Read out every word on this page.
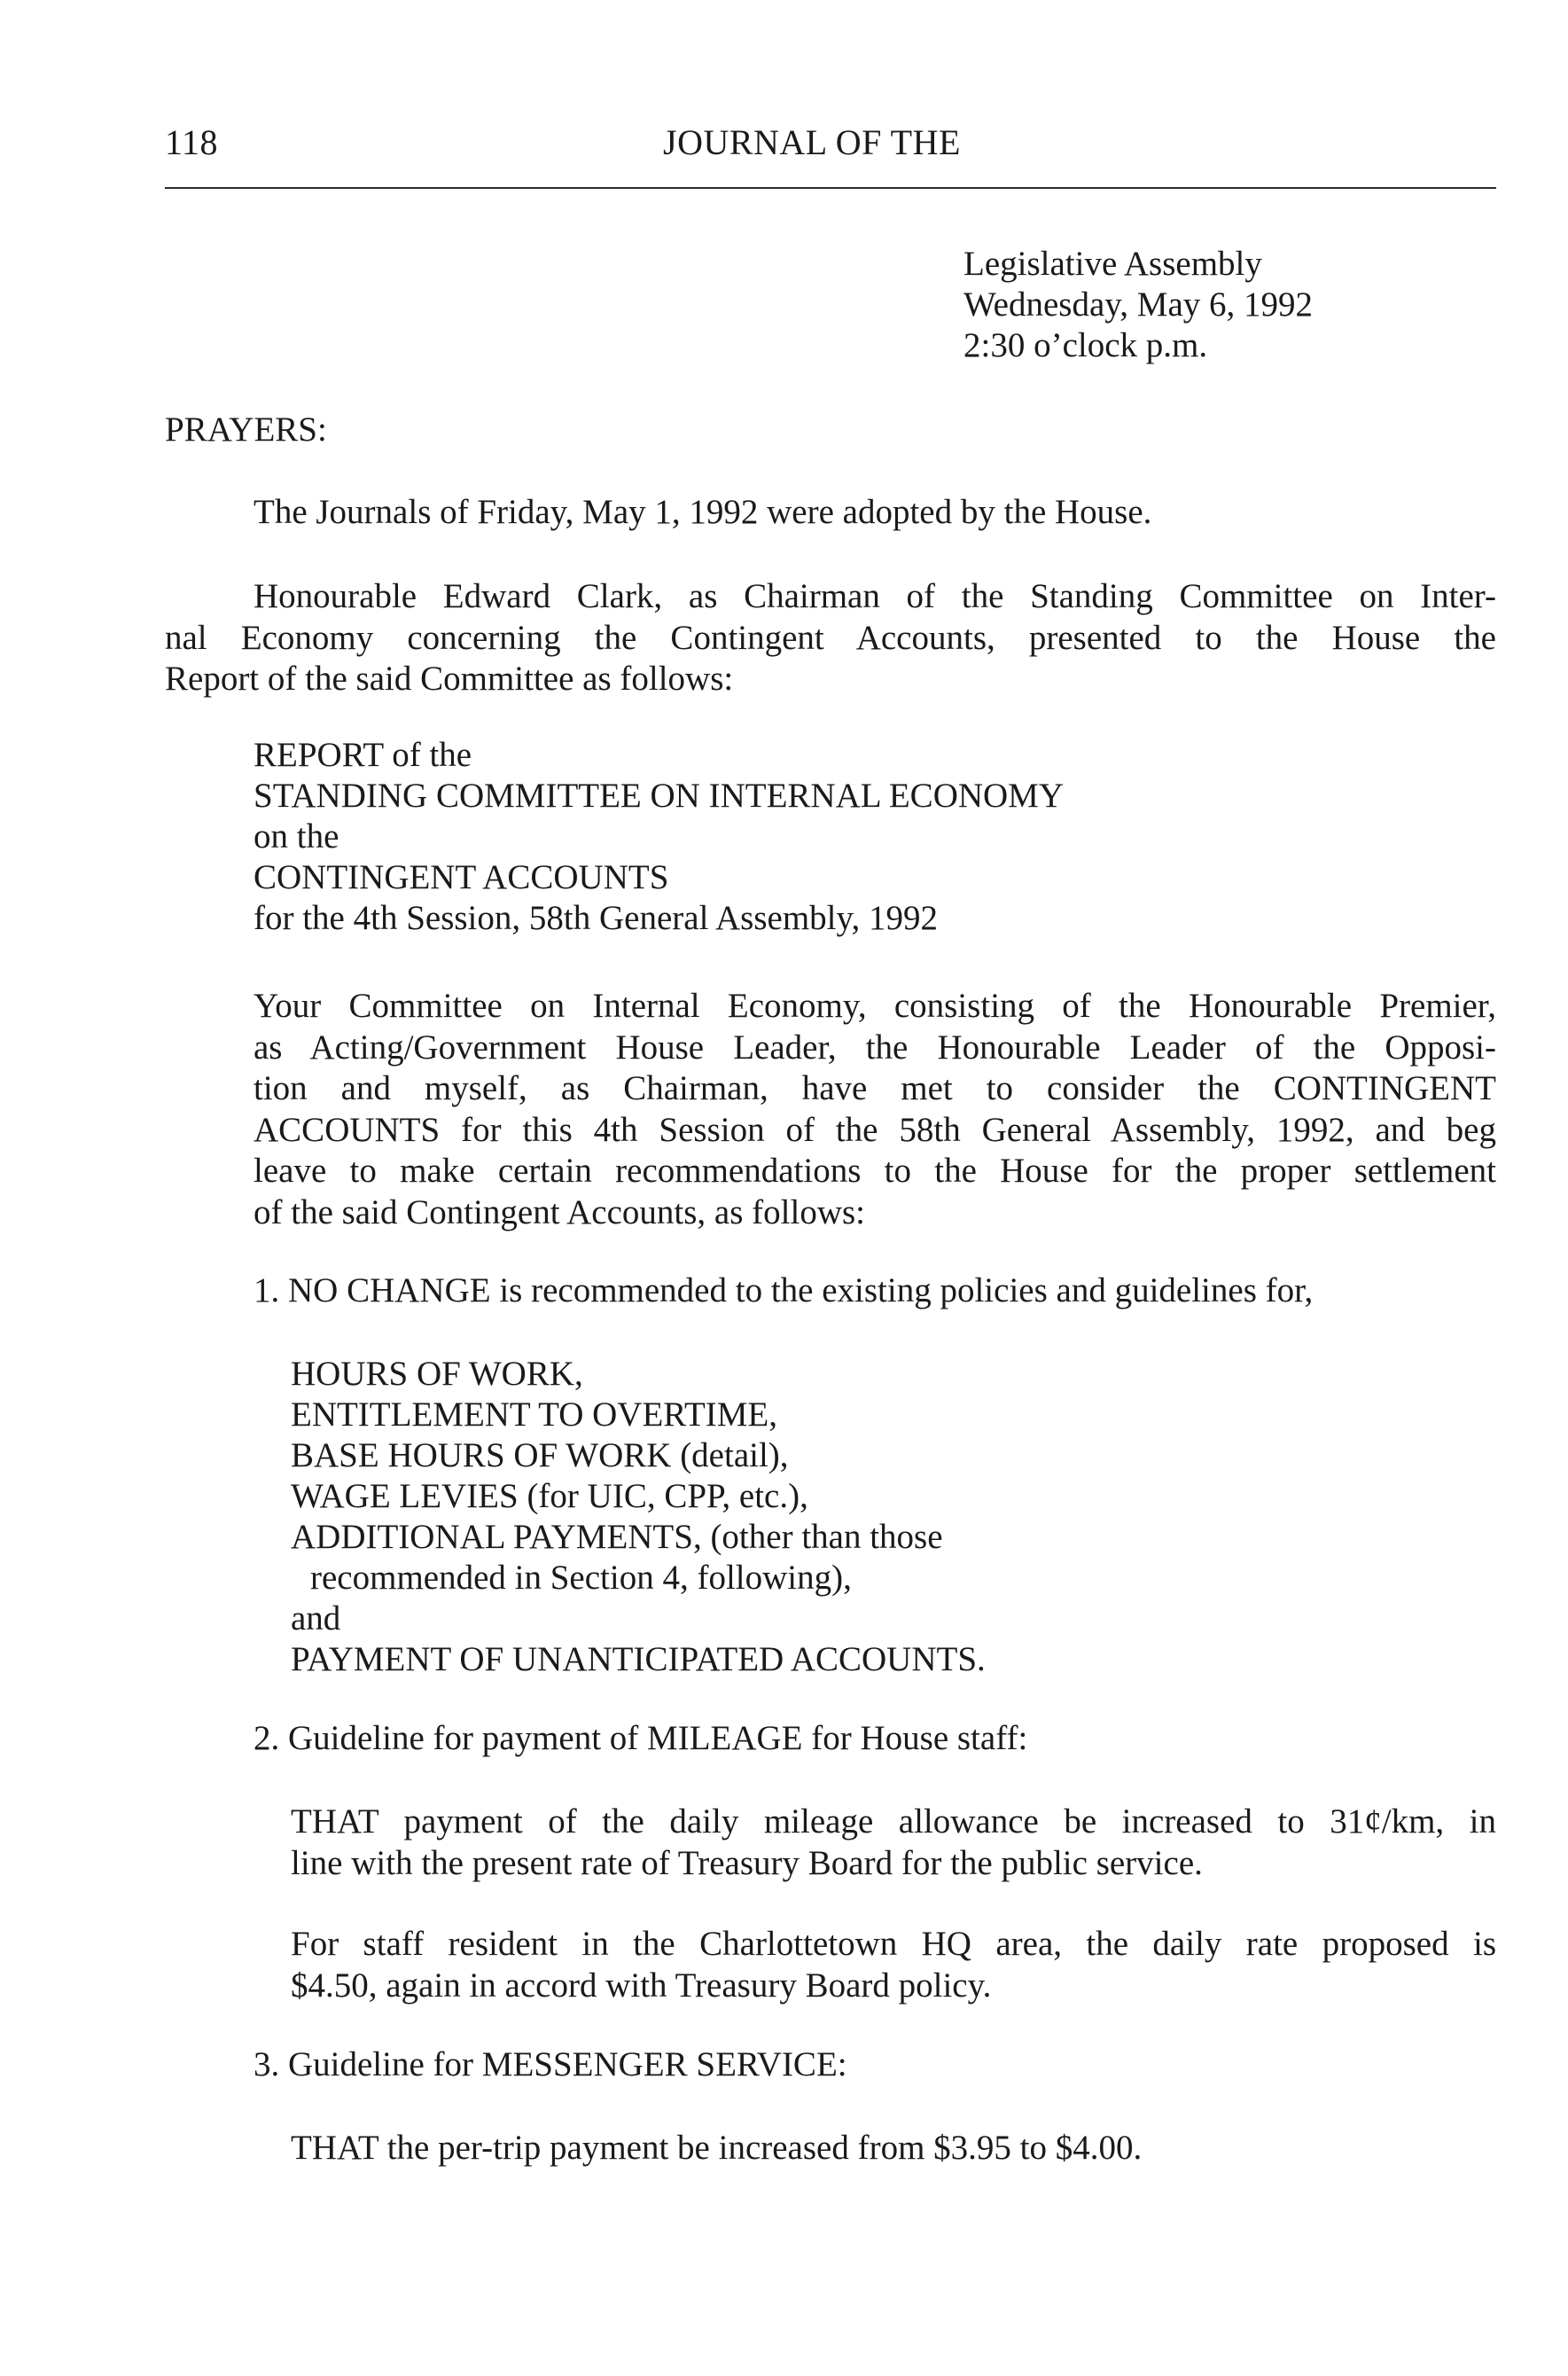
118	JOURNAL OF THE
Legislative Assembly
Wednesday, May 6, 1992
2:30 o’clock p.m.
PRAYERS:
The Journals of Friday, May 1, 1992 were adopted by the House.
Honourable Edward Clark, as Chairman of the Standing Committee on Inter-
nal Economy concerning the Contingent Accounts, presented to the House the
Report of the said Committee as follows:
REPORT of the
STANDING COMMITTEE ON INTERNAL ECONOMY
on the
CONTINGENT ACCOUNTS
for the 4th Session, 58th General Assembly, 1992
Your Committee on Internal Economy, consisting of the Honourable Premier,
as Acting/Government House Leader, the Honourable Leader of the Opposi-
tion and myself, as Chairman, have met to consider the CONTINGENT
ACCOUNTS for this 4th Session of the 58th General Assembly, 1992, and beg
leave to make certain recommendations to the House for the proper settlement
of the said Contingent Accounts, as follows:
1. NO CHANGE is recommended to the existing policies and guidelines for,
HOURS OF WORK,
ENTITLEMENT TO OVERTIME,
BASE HOURS OF WORK (detail),
WAGE LEVIES (for UIC, CPP, etc.),
ADDITIONAL PAYMENTS, (other than those
recommended in Section 4, following),
and
PAYMENT OF UNANTICIPATED ACCOUNTS.
2. Guideline for payment of MILEAGE for House staff:
THAT payment of the daily mileage allowance be increased to 31¢/km, in
line with the present rate of Treasury Board for the public service.
For staff resident in the Charlottetown HQ area, the daily rate proposed is
$4.50, again in accord with Treasury Board policy.
3. Guideline for MESSENGER SERVICE:
THAT the per-trip payment be increased from $3.95 to $4.00.
